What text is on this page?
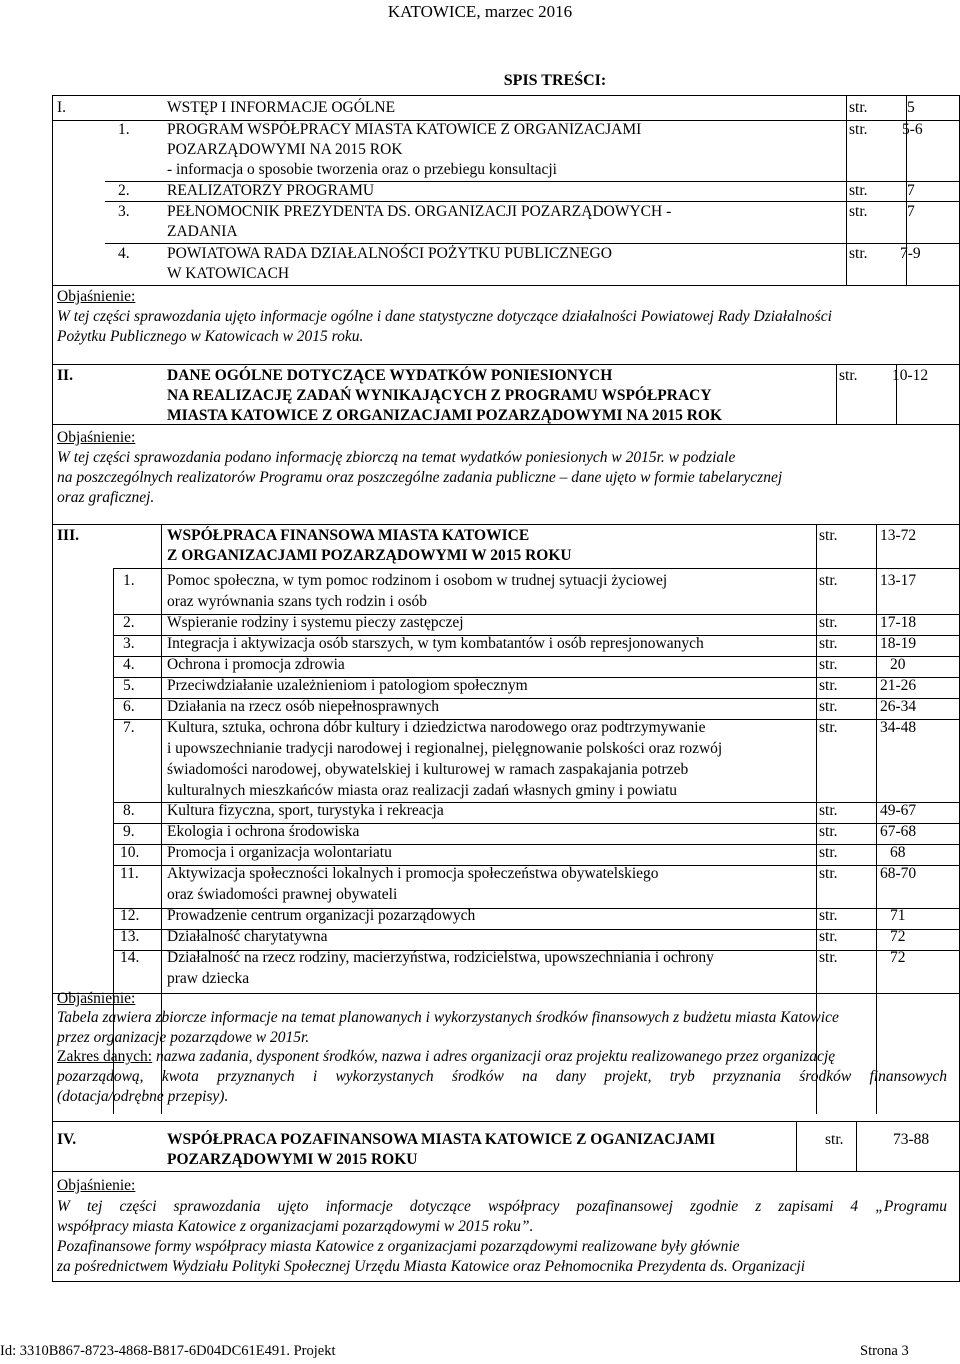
KATOWICE, marzec 2016
SPIS TREŚCI:
I.	WSTĘP I INFORMACJE OGÓLNE	str.	5
1. PROGRAM WSPÓŁPRACY MIASTA KATOWICE Z ORGANIZACJAMI
POZARZĄDOWYMI NA 2015 ROK
- informacja o sposobie tworzenia oraz o przebiegu konsultacji
str. 5-6
2. REALIZATORZY PROGRAMU	str.	7
3. PEŁNOMOCNIK PREZYDENTA DS. ORGANIZACJI POZARZĄDOWYCH -
ZADANIA
str.	7
4. POWIATOWA RADA DZIAŁALNOŚCI POŻYTKU PUBLICZNEGO
W KATOWICACH
str. 7-9
Objaśnienie:
W tej części sprawozdania ujęto informacje ogólne i dane statystyczne dotyczące działalności Powiatowej Rady Działalności
Pożytku Publicznego w Katowicach w 2015 roku.
II.	DANE OGÓLNE DOTYCZĄCE WYDATKÓW PONIESIONYCH
NA REALIZACJĘ ZADAŃ WYNIKAJĄCYCH Z PROGRAMU WSPÓŁPRACY
MIASTA KATOWICE Z ORGANIZACJAMI POZARZĄDOWYMI NA 2015 ROK
str. 10-12
Objaśnienie:
W tej części sprawozdania podano informację zbiorczą na temat wydatków poniesionych w 2015r. w podziale
na poszczególnych realizatorów Programu oraz poszczególne zadania publiczne – dane ujęto w formie tabelarycznej
oraz graficznej.
III.	WSPÓŁPRACA FINANSOWA MIASTA KATOWICE
Z ORGANIZACJAMI POZARZĄDOWYMI W 2015 ROKU
str.	13-72
1. Pomoc społeczna, w tym pomoc rodzinom i osobom w trudnej sytuacji życiowej
oraz wyrównania szans tych rodzin i osób
str.	13-17
2. Wspieranie rodziny i systemu pieczy zastępczej	str.	17-18
3. Integracja i aktywizacja osób starszych, w tym kombatantów i osób represjonowanych	str.	18-19
4. Ochrona i promocja zdrowia	str.	20
5. Przeciwdziałanie uzależnieniom i patologiom społecznym	str.	21-26
6. Działania na rzecz osób niepełnosprawnych	str.	26-34
7. Kultura, sztuka, ochrona dóbr kultury i dziedzictwa narodowego oraz podtrzymywanie
i upowszechnianie tradycji narodowej i regionalnej, pielęgnowanie polskości oraz rozwój
świadomości narodowej, obywatelskiej i kulturowej w ramach zaspakajania potrzeb
kulturalnych mieszkańców miasta oraz realizacji zadań własnych gminy i powiatu
str.	34-48
8. Kultura fizyczna, sport, turystyka i rekreacja	str.	49-67
9. Ekologia i ochrona środowiska	str.	67-68
10. Promocja i organizacja wolontariatu	str.	68
11. Aktywizacja społeczności lokalnych i promocja społeczeństwa obywatelskiego
oraz świadomości prawnej obywateli
str.	68-70
12. Prowadzenie centrum organizacji pozarządowych	str.	71
13. Działalność charytatywna	str.	72
14. Działalność na rzecz rodziny, macierzyństwa, rodzicielstwa, upowszechniania i ochrony
praw dziecka
str.	72
Objaśnienie:
Tabela zawiera zbiorcze informacje na temat planowanych i wykorzystanych środków finansowych z budżetu miasta Katowice
przez organizacje pozarządowe w 2015r.
Zakres danych: nazwa zadania, dysponent środków, nazwa i adres organizacji oraz projektu realizowanego przez organizację
pozarządową, kwota przyznanych i wykorzystanych środków na dany projekt, tryb przyznania środków finansowych
(dotacja/odrębne przepisy).
IV.	WSPÓŁPRACA POZAFINANSOWA MIASTA KATOWICE Z OGANIZACJAMI
POZARZĄDOWYMI W 2015 ROKU
str.	73-88
Objaśnienie:
W tej części sprawozdania ujęto informacje dotyczące współpracy pozafinansowej zgodnie z zapisami 4 „Programu
współpracy miasta Katowice z organizacjami pozarządowymi w 2015 roku”.
Pozafinansowe formy współpracy miasta Katowice z organizacjami pozarządowymi realizowane były głównie
za pośrednictwem Wydziału Polityki Społecznej Urzędu Miasta Katowice oraz Pełnomocnika Prezydenta ds. Organizacji
Id: 3310B867-8723-4868-B817-6D04DC61E491. Projekt	Strona 3
